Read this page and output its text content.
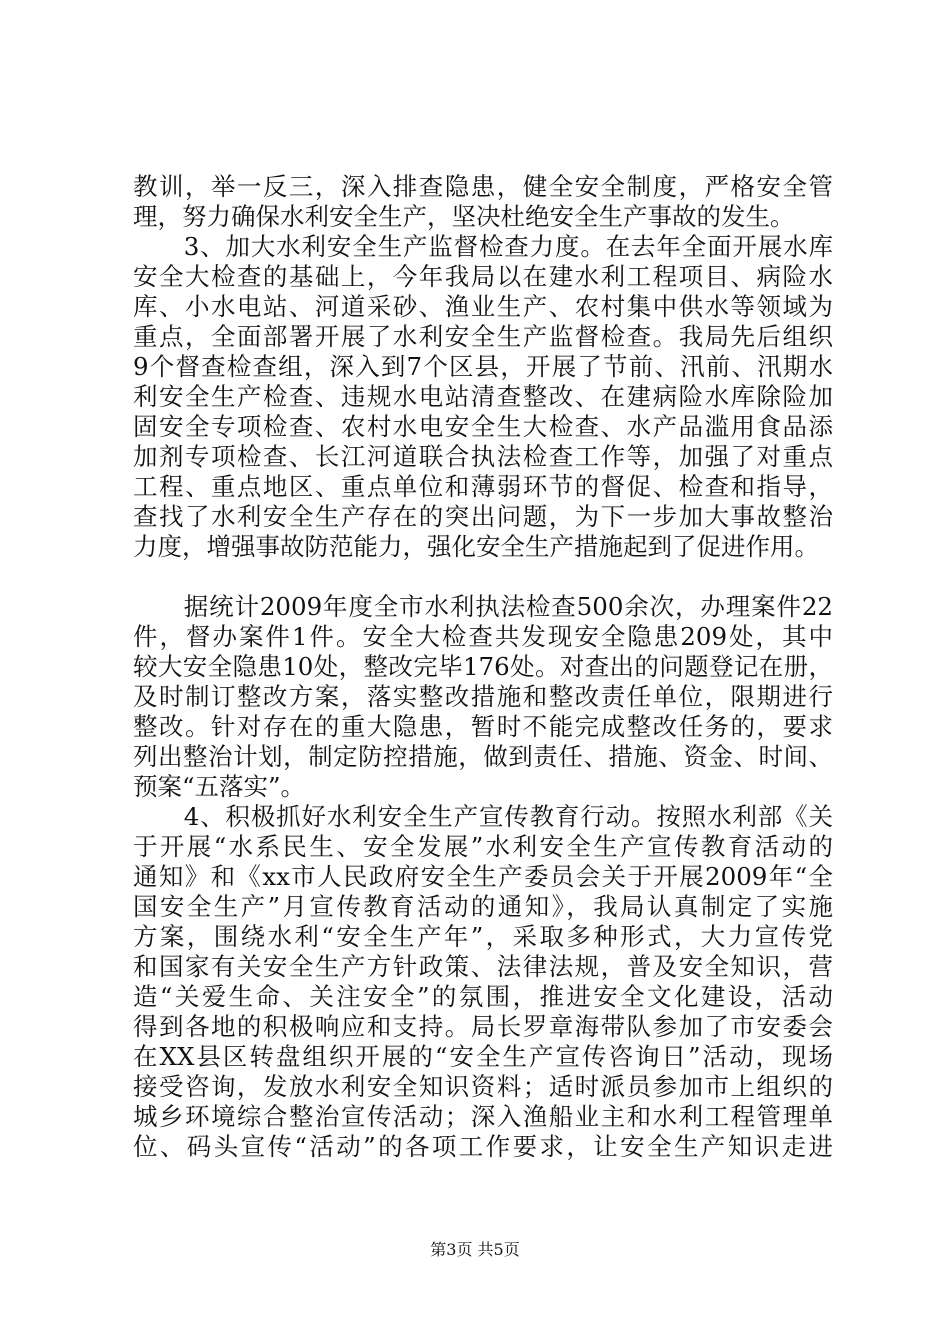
教训，举一反三，深入排查隐患，健全安全制度，严格安全管
理，努力确保水利安全生产，坚决杜绝安全生产事故的发生。
　　3、加大水利安全生产监督检查力度。在去年全面开展水库
安全大检查的基础上，今年我局以在建水利工程项目、病险水
库、小水电站、河道采砂、渔业生产、农村集中供水等领域为
重点，全面部署开展了水利安全生产监督检查。我局先后组织
9个督查检查组，深入到7个区县，开展了节前、汛前、汛期水
利安全生产检查、违规水电站清查整改、在建病险水库除险加
固安全专项检查、农村水电安全生大检查、水产品滥用食品添
加剂专项检查、长江河道联合执法检查工作等，加强了对重点
工程、重点地区、重点单位和薄弱环节的督促、检查和指导，
查找了水利安全生产存在的突出问题，为下一步加大事故整治
力度，增强事故防范能力，强化安全生产措施起到了促进作用。
　　据统计2009年度全市水利执法检查500余次，办理案件22
件，督办案件1件。安全大检查共发现安全隐患209处，其中
较大安全隐患10处，整改完毕176处。对查出的问题登记在册，
及时制订整改方案，落实整改措施和整改责任单位，限期进行
整改。针对存在的重大隐患，暂时不能完成整改任务的，要求
列出整治计划，制定防控措施，做到责任、措施、资金、时间、
预案“五落实”。
　　4、积极抓好水利安全生产宣传教育行动。按照水利部《关
于开展“水系民生、安全发展”水利安全生产宣传教育活动的
通知》和《xx市人民政府安全生产委员会关于开展2009年“全
国安全生产”月宣传教育活动的通知》，我局认真制定了实施
方案，围绕水利“安全生产年”，采取多种形式，大力宣传党
和国家有关安全生产方针政策、法律法规，普及安全知识，营
造“关爱生命、关注安全”的氛围，推进安全文化建设，活动
得到各地的积极响应和支持。局长罗章海带队参加了市安委会
在XX县区转盘组织开展的“安全生产宣传咨询日”活动，现场
接受咨询，发放水利安全知识资料；适时派员参加市上组织的
城乡环境综合整治宣传活动；深入渔船业主和水利工程管理单
位、码头宣传“活动”的各项工作要求，让安全生产知识走进
第3页 共5页
